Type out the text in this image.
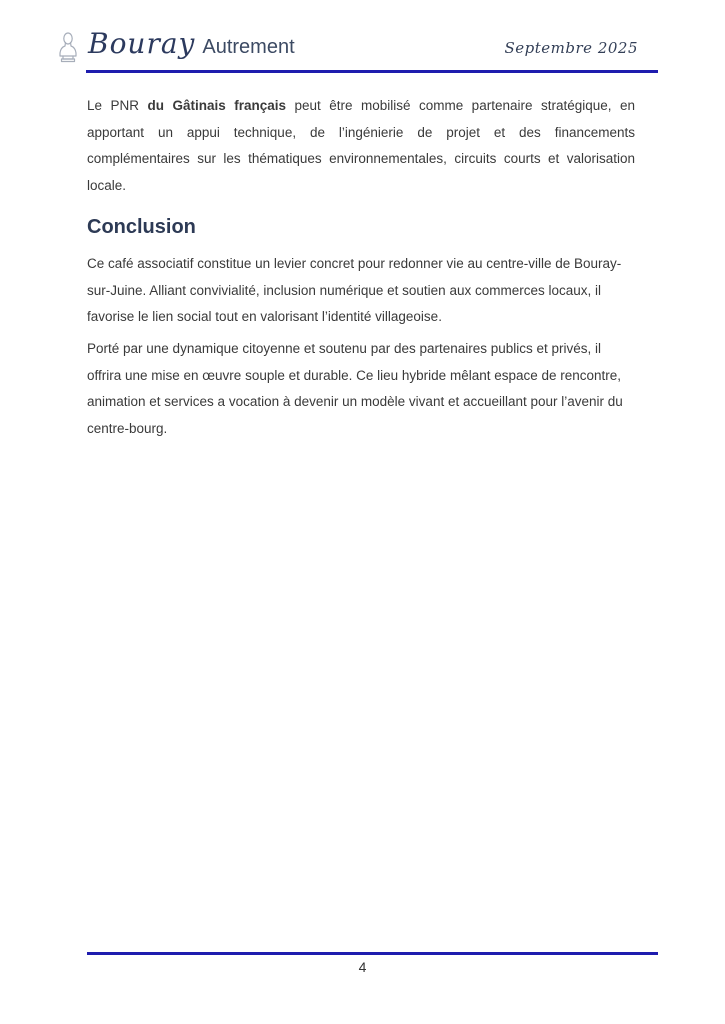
Bouray Autrement	Septembre 2025

Le PNR du Gâtinais français peut être mobilisé comme partenaire stratégique, en apportant un appui technique, de l’ingénierie de projet et des financements complémentaires sur les thématiques environnementales, circuits courts et valorisation locale.

Conclusion

Ce café associatif constitue un levier concret pour redonner vie au centre-ville de Bouray-sur-Juine. Alliant convivialité, inclusion numérique et soutien aux commerces locaux, il favorise le lien social tout en valorisant l’identité villageoise.

Porté par une dynamique citoyenne et soutenu par des partenaires publics et privés, il offrira une mise en œuvre souple et durable. Ce lieu hybride mêlant espace de rencontre, animation et services a vocation à devenir un modèle vivant et accueillant pour l’avenir du centre-bourg.

4
